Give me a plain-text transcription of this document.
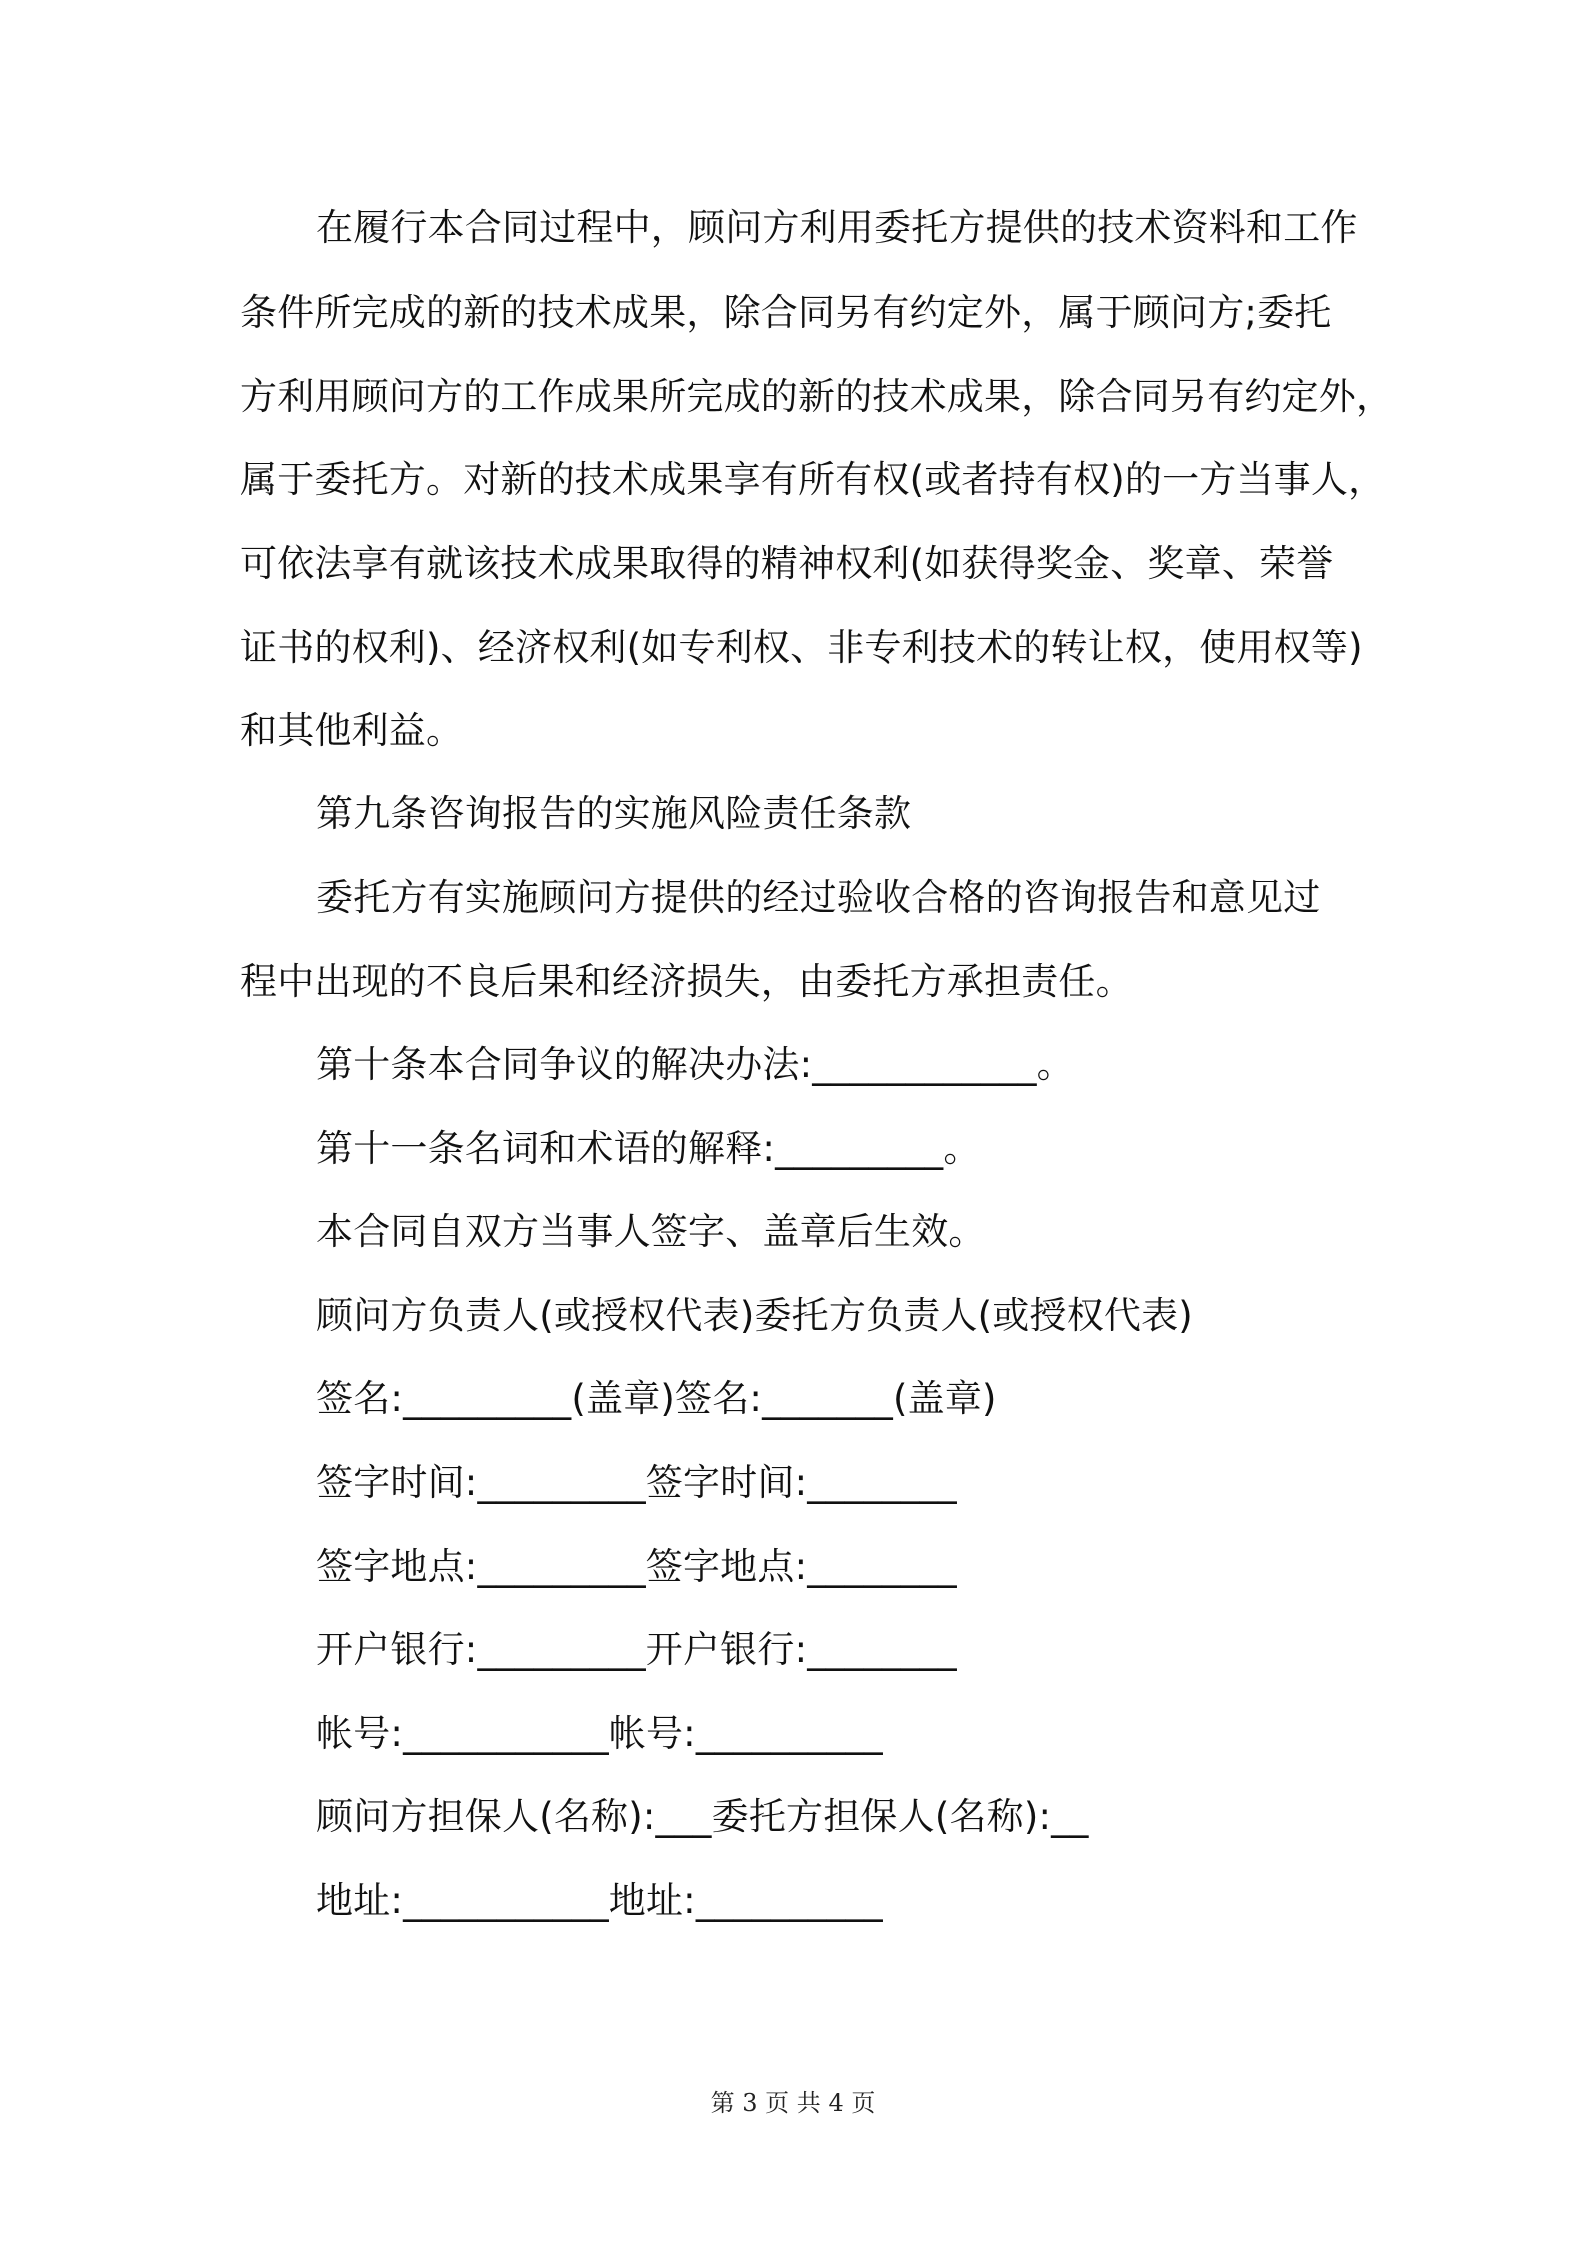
在履行本合同过程中，顾问方利用委托方提供的技术资料和工作
条件所完成的新的技术成果，除合同另有约定外，属于顾问方;委托
方利用顾问方的工作成果所完成的新的技术成果，除合同另有约定外，
属于委托方。对新的技术成果享有所有权(或者持有权)的一方当事人，
可依法享有就该技术成果取得的精神权利(如获得奖金、奖章、荣誉
证书的权利)、经济权利(如专利权、非专利技术的转让权，使用权等)
和其他利益。
第九条咨询报告的实施风险责任条款
委托方有实施顾问方提供的经过验收合格的咨询报告和意见过
程中出现的不良后果和经济损失，由委托方承担责任。
第十条本合同争议的解决办法:____________。
第十一条名词和术语的解释:_________。
本合同自双方当事人签字、盖章后生效。
顾问方负责人(或授权代表)委托方负责人(或授权代表)
签名:_________(盖章)签名:_______(盖章)
签字时间:_________签字时间:________
签字地点:_________签字地点:________
开户银行:_________开户银行:________
帐号:___________帐号:__________
顾问方担保人(名称):___委托方担保人(名称):__
地址:___________地址:__________
第 3 页 共 4 页
